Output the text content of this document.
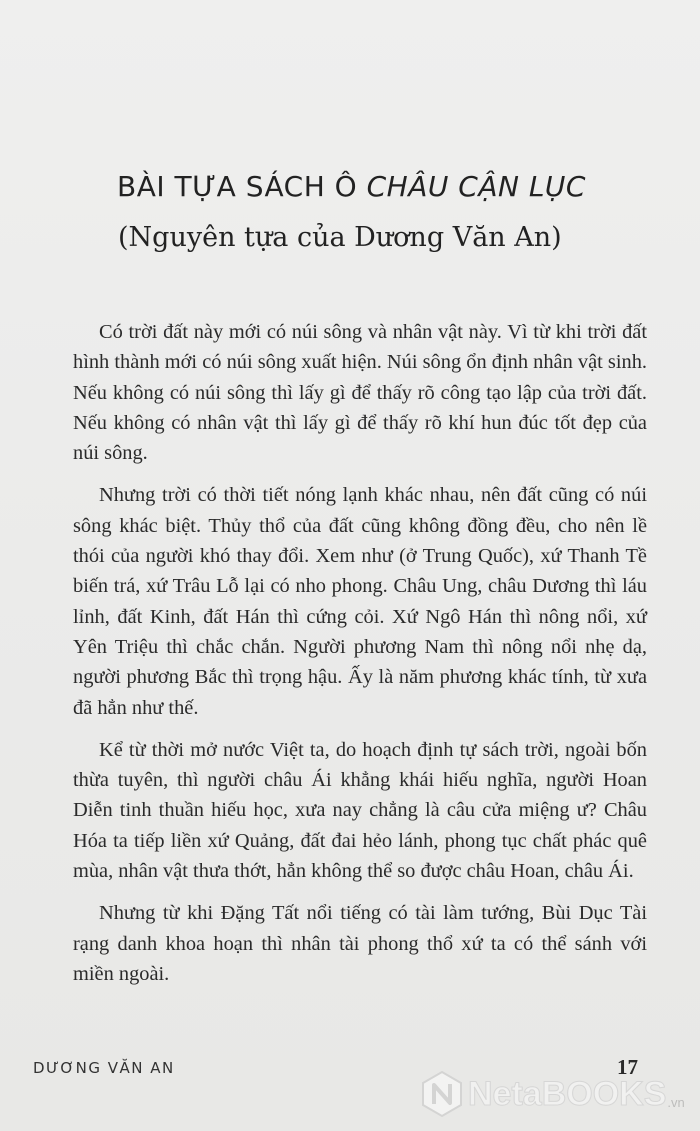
BÀI TỰA SÁCH Ô CHÂU CẬN LỤC
(Nguyên tựa của Dương Văn An)

Có trời đất này mới có núi sông và nhân vật này. Vì từ khi trời đất hình thành mới có núi sông xuất hiện. Núi sông ổn định nhân vật sinh. Nếu không có núi sông thì lấy gì để thấy rõ công tạo lập của trời đất. Nếu không có nhân vật thì lấy gì để thấy rõ khí hun đúc tốt đẹp của núi sông.

Nhưng trời có thời tiết nóng lạnh khác nhau, nên đất cũng có núi sông khác biệt. Thủy thổ của đất cũng không đồng đều, cho nên lề thói của người khó thay đổi. Xem như (ở Trung Quốc), xứ Thanh Tề biến trá, xứ Trâu Lỗ lại có nho phong. Châu Ung, châu Dương thì láu lỉnh, đất Kinh, đất Hán thì cứng cỏi. Xứ Ngô Hán thì nông nổi, xứ Yên Triệu thì chắc chắn. Người phương Nam thì nông nổi nhẹ dạ, người phương Bắc thì trọng hậu. Ấy là năm phương khác tính, từ xưa đã hẳn như thế.

Kể từ thời mở nước Việt ta, do hoạch định tự sách trời, ngoài bốn thừa tuyên, thì người châu Ái khẳng khái hiếu nghĩa, người Hoan Diễn tinh thuần hiếu học, xưa nay chẳng là câu cửa miệng ư? Châu Hóa ta tiếp liền xứ Quảng, đất đai hẻo lánh, phong tục chất phác quê mùa, nhân vật thưa thớt, hẳn không thể so được châu Hoan, châu Ái.

Nhưng từ khi Đặng Tất nổi tiếng có tài làm tướng, Bùi Dục Tài rạng danh khoa hoạn thì nhân tài phong thổ xứ ta có thể sánh với miền ngoài.

DƯƠNG VĂN AN
NetaBOOKS .vn
17
